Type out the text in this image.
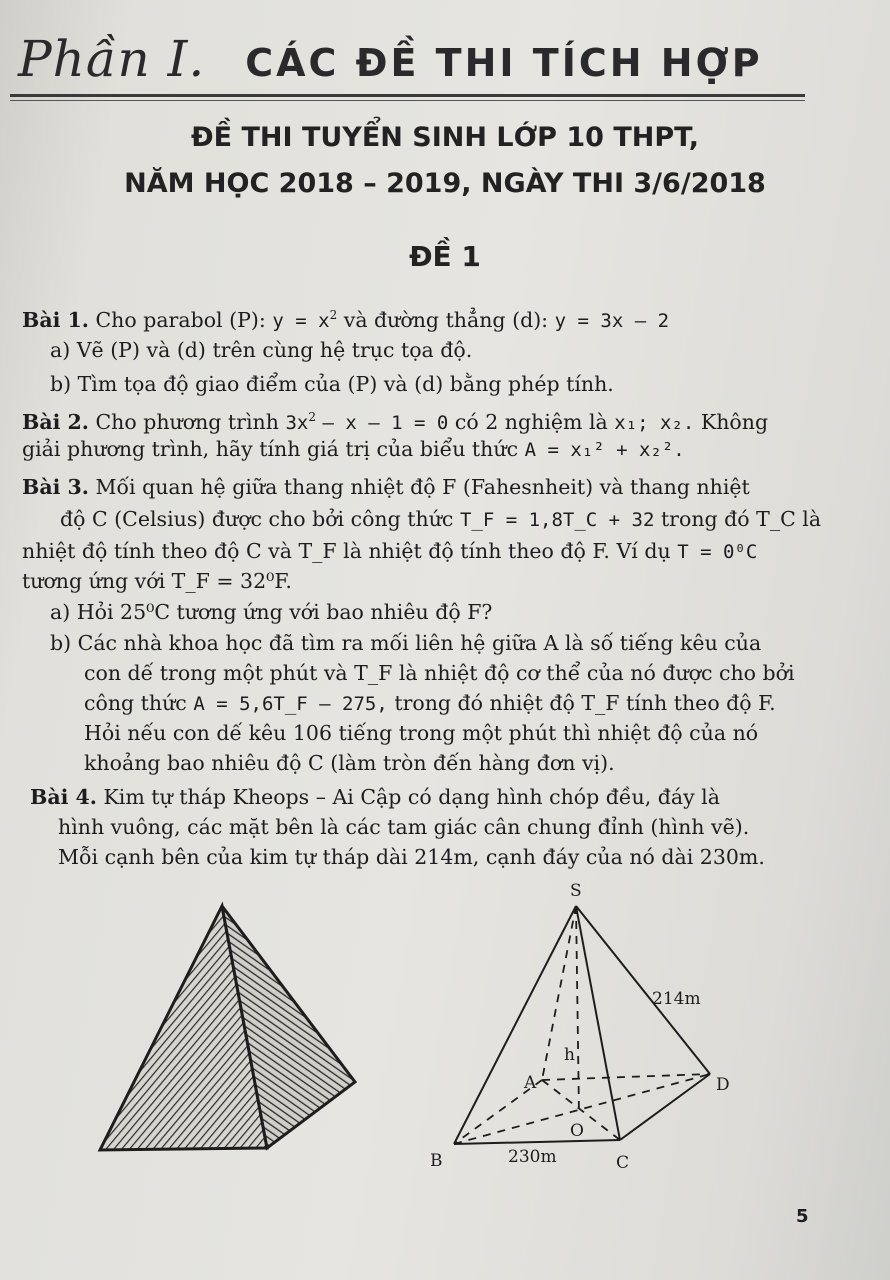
Phần I. CÁC ĐỀ THI TÍCH HỢP
ĐỀ THI TUYỂN SINH LỚP 10 THPT,
NĂM HỌC 2018 – 2019, NGÀY THI 3/6/2018
ĐỀ 1
Bài 1. Cho parabol (P): $y = x^2$ và đường thẳng (d): y = 3x – 2
a) Vẽ (P) và (d) trên cùng hệ trục tọa độ.
b) Tìm tọa độ giao điểm của (P) và (d) bằng phép tính.
Bài 2. Cho phương trình $3x^2 - x - 1 = 0$ có 2 nghiệm là x₁; x₂. Không
giải phương trình, hãy tính giá trị của biểu thức A = x₁² + x₂².
Bài 3. Mối quan hệ giữa thang nhiệt độ F (Fahesnheit) và thang nhiệt
độ C (Celsius) được cho bởi công thức T_F = 1,8T_C + 32 trong đó T_C là
nhiệt độ tính theo độ C và T_F là nhiệt độ tính theo độ F. Ví dụ T = 0⁰C
tương ứng với T_F = 32⁰F.
a) Hỏi 25⁰C tương ứng với bao nhiêu độ F?
b) Các nhà khoa học đã tìm ra mối liên hệ giữa A là số tiếng kêu của
con dế trong một phút và T_F là nhiệt độ cơ thể của nó được cho bởi
công thức A = 5,6T_F – 275, trong đó nhiệt độ T_F tính theo độ F.
Hỏi nếu con dế kêu 106 tiếng trong một phút thì nhiệt độ của nó
khoảng bao nhiêu độ C (làm tròn đến hàng đơn vị).
Bài 4. Kim tự tháp Kheops – Ai Cập có dạng hình chóp đều, đáy là
hình vuông, các mặt bên là các tam giác cân chung đỉnh (hình vẽ).
Mỗi cạnh bên của kim tự tháp dài 214m, cạnh đáy của nó dài 230m.
S
A
B	C
D
O
h
214m
230m
5
